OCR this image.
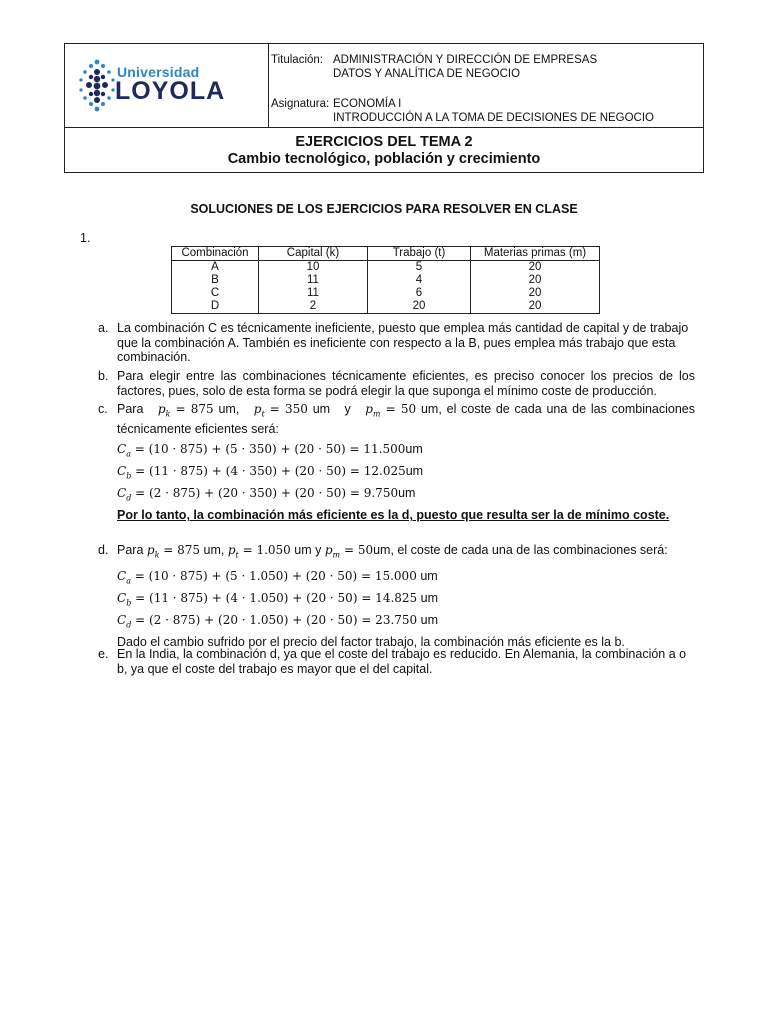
Universidad
LOYOLA
Titulación: ADMINISTRACIÓN Y DIRECCIÓN DE EMPRESAS
DATOS Y ANALÍTICA DE NEGOCIO
Asignatura: ECONOMÍA I
INTRODUCCIÓN A LA TOMA DE DECISIONES DE NEGOCIO
EJERCICIOS DEL TEMA 2
Cambio tecnológico, población y crecimiento
SOLUCIONES DE LOS EJERCICIOS PARA RESOLVER EN CLASE
1.
Combinación	Capital (k)	Trabajo (t)	Materias primas (m)
A	10	5	20
B	11	4	20
C	11	6	20
D	2	20	20
a. La combinación C es técnicamente ineficiente, puesto que emplea más cantidad de capital y de trabajo que la combinación A. También es ineficiente con respecto a la B, pues emplea más trabajo que esta combinación.
b. Para elegir entre las combinaciones técnicamente eficientes, es preciso conocer los precios de los factores, pues, solo de esta forma se podrá elegir la que suponga el mínimo coste de producción.
c. Para $p_k = 875$ um, $p_t = 350$ um y $p_m = 50$ um, el coste de cada una de las combinaciones técnicamente eficientes será:
$C_a = (10 \cdot 875) + (5 \cdot 350) + (20 \cdot 50) = 11.500um$
$C_b = (11 \cdot 875) + (4 \cdot 350) + (20 \cdot 50) = 12.025um$
$C_d = (2 \cdot 875) + (20 \cdot 350) + (20 \cdot 50) = 9.750um$
Por lo tanto, la combinación más eficiente es la d, puesto que resulta ser la de mínimo coste.
d. Para $p_k = 875$ um, $p_t = 1.050$ um y $p_m = 50um$, el coste de cada una de las combinaciones será:
$C_a = (10 \cdot 875) + (5 \cdot 1.050) + (20 \cdot 50) = 15.000$ um
$C_b = (11 \cdot 875) + (4 \cdot 1.050) + (20 \cdot 50) = 14.825$ um
$C_d = (2 \cdot 875) + (20 \cdot 1.050) + (20 \cdot 50) = 23.750$ um
Dado el cambio sufrido por el precio del factor trabajo, la combinación más eficiente es la b.
e. En la India, la combinación d, ya que el coste del trabajo es reducido. En Alemania, la combinación a o b, ya que el coste del trabajo es mayor que el del capital.
